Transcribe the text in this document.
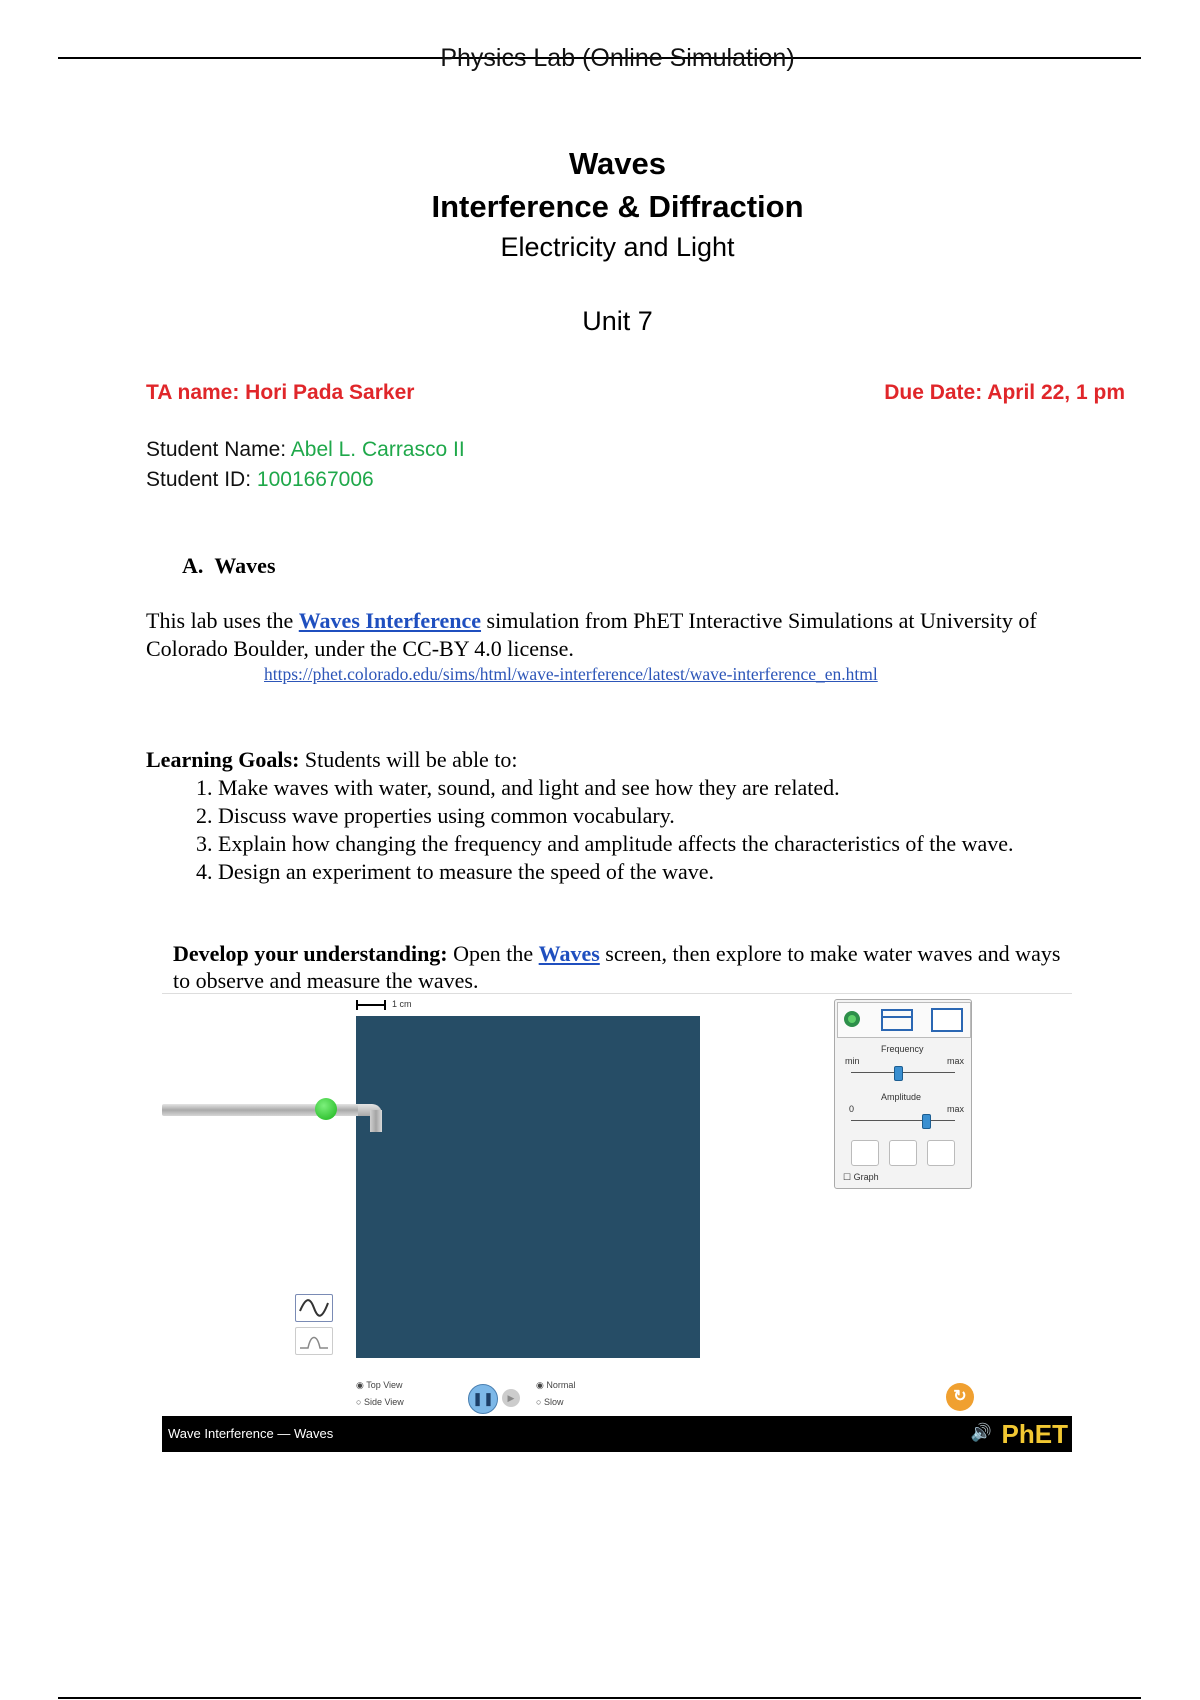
Physics Lab (Online Simulation)
Waves
Interference & Diffraction
Electricity and Light
Unit 7
TA name: Hori Pada Sarker	Due Date: April 22, 1 pm
Student Name: Abel L. Carrasco II
Student ID: 1001667006
A. Waves
This lab uses the Waves Interference simulation from PhET Interactive Simulations at University of Colorado Boulder, under the CC-BY 4.0 license.
https://phet.colorado.edu/sims/html/wave-interference/latest/wave-interference_en.html
Learning Goals: Students will be able to:
1. Make waves with water, sound, and light and see how they are related.
2. Discuss wave properties using common vocabulary.
3. Explain how changing the frequency and amplitude affects the characteristics of the wave.
4. Design an experiment to measure the speed of the wave.
Develop your understanding: Open the Waves screen, then explore to make water waves and ways to observe and measure the waves.
1 cm
Frequency
min	max
Amplitude
0	max
☐ Graph
◉ Top View
○ Side View	❚❚	▶
◉ Normal
○ Slow	↻
Wave Interference — Waves	🔊 PhET
